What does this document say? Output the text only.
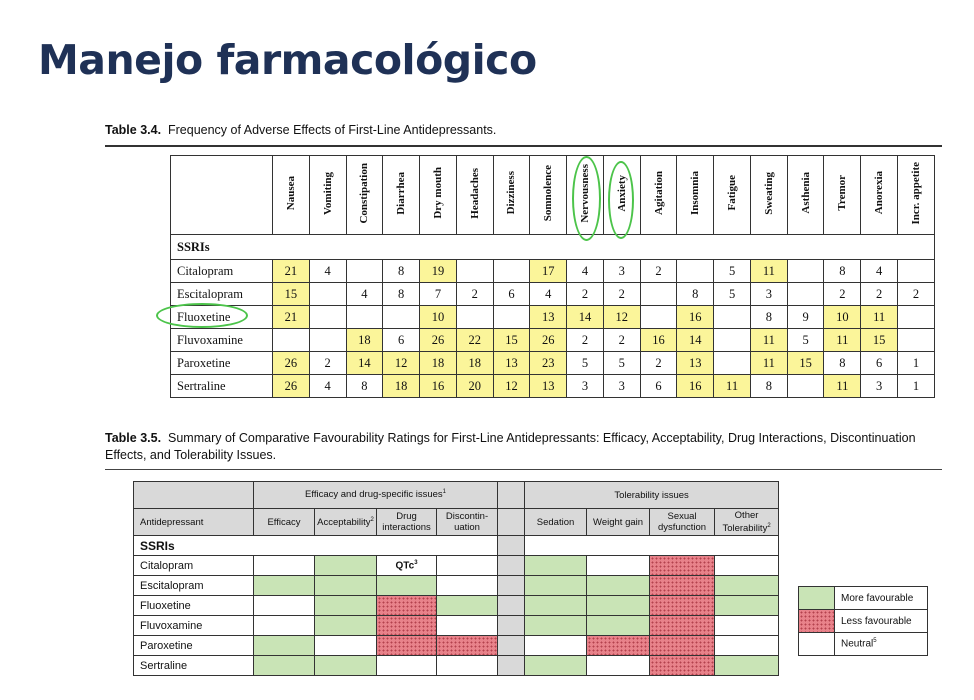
Manejo farmacológico
Table 3.4. Frequency of Adverse Effects of First-Line Antidepressants.
	Nausea	Vomiting	Constipation	Diarrhea	Dry mouth	Headaches	Dizziness	Somnolence	Nervousness	Anxiety	Agitation	Insomnia	Fatigue	Sweating	Asthenia	Tremor	Anorexia	Incr. appetite
SSRIs																		
Citalopram	21	4		8	19			17	4	3	2		5	11		8	4	
Escitalopram	15		4	8	7	2	6	4	2	2		8	5	3		2	2	2
Fluoxetine	21				10			13	14	12		16		8	9	10	11	
Fluvoxamine			18	6	26	22	15	26	2	2	16	14		11	5	11	15	
Paroxetine	26	2	14	12	18	18	13	23	5	5	2	13		11	15	8	6	1
Sertraline	26	4	8	18	16	20	12	13	3	3	6	16	11	8		11	3	1
Table 3.5. Summary of Comparative Favourability Ratings for First-Line Antidepressants: Efficacy, Acceptability, Drug Interactions, Discontinuation Effects, and Tolerability Issues.
	Efficacy and drug-specific issues$^1$					Tolerability issues			
Antidepressant	Efficacy	Acceptability$^2$	Drug interactions	Discontin-uation		Sedation	Weight gain	Sexual dysfunction	Other Tolerability$^2$
SSRIs									
Citalopram			QTc$^3$						
Escitalopram									
Fluoxetine									
Fluvoxamine									
Paroxetine									
Sertraline									
	More favourable
	Less favourable
	Neutral$^5$
